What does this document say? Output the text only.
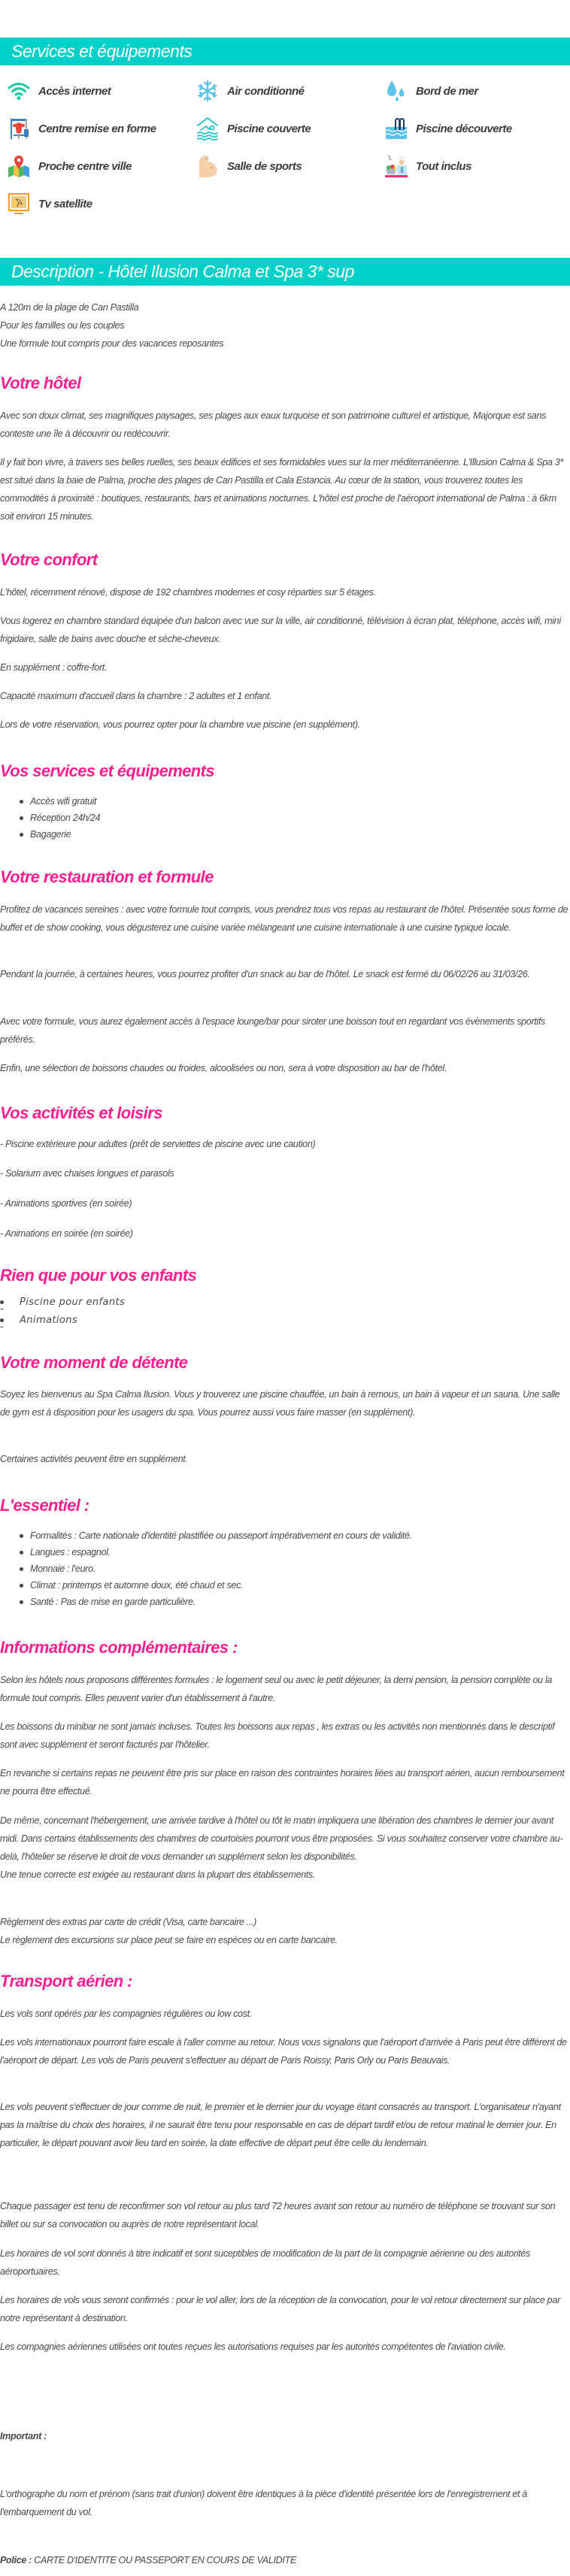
Services et équipements
Accès internet	Air conditionné	Bord de mer
Centre remise en forme	Piscine couverte	Piscine découverte
Proche centre ville	Salle de sports	Tout inclus
Tv satellite
Description - Hôtel Ilusion Calma et Spa 3* sup
A 120m de la plage de Can Pastilla
Pour les familles ou les couples
Une formule tout compris pour des vacances reposantes
Votre hôtel

Avec son doux climat, ses magnifiques paysages, ses plages aux eaux turquoise et son patrimoine culturel et artistique, Majorque est sans conteste une île à découvrir ou redécouvrir.

Il y fait bon vivre, à travers ses belles ruelles, ses beaux édifices et ses formidables vues sur la mer méditerranéenne. L'Illusion Calma & Spa 3* est situé dans la baie de Palma, proche des plages de Can Pastilla et Cala Estancia. Au cœur de la station, vous trouverez toutes les commodités à proximité : boutiques, restaurants, bars et animations nocturnes. L'hôtel est proche de l'aéroport international de Palma : à 6km soit environ 15 minutes.

Votre confort

L'hôtel, récemment rénové, dispose de 192 chambres modernes et cosy réparties sur 5 étages.

Vous logerez en chambre standard équipée d'un balcon avec vue sur la ville, air conditionné, télévision à écran plat, téléphone, accès wifi, mini frigidaire, salle de bains avec douche et sèche-cheveux.

En supplément : coffre-fort.

Capacité maximum d'accueil dans la chambre : 2 adultes et 1 enfant.

Lors de votre réservation, vous pourrez opter pour la chambre vue piscine (en supplément).

Vos services et équipements
Accès wifi gratuit
Réception 24h/24
Bagagerie
Votre restauration et formule

Profitez de vacances sereines : avec votre formule tout compris, vous prendrez tous vos repas au restaurant de l'hôtel. Présentée sous forme de buffet et de show cooking, vous dégusterez une cuisine variée mélangeant une cuisine internationale à une cuisine typique locale.

Pendant la journée, à certaines heures, vous pourrez profiter d'un snack au bar de l'hôtel. Le snack est fermé du 06/02/26 au 31/03/26.

Avec votre formule, vous aurez également accès à l'espace lounge/bar pour siroter une boisson tout en regardant vos évènements sportifs préférés.

Enfin, une sélection de boissons chaudes ou froides, alcoolisées ou non, sera à votre disposition au bar de l'hôtel.

Vos activités et loisirs

- Piscine extérieure pour adultes (prêt de serviettes de piscine avec une caution)

- Solarium avec chaises longues et parasols

- Animations sportives (en soirée)

- Animations en soirée (en soirée)

Rien que pour vos enfants
- Piscine pour enfants
- Animations
Votre moment de détente

Soyez les bienvenus au Spa Calma Ilusion. Vous y trouverez une piscine chauffée, un bain à remous, un bain à vapeur et un sauna. Une salle de gym est à disposition pour les usagers du spa. Vous pourrez aussi vous faire masser (en supplément).

Certaines activités peuvent être en supplément.

L'essentiel :
Formalités : Carte nationale d'identité plastifiée ou passeport impérativement en cours de validité.
Langues : espagnol.
Monnaie : l'euro.
Climat : printemps et automne doux, été chaud et sec.
Santé : Pas de mise en garde particulière.
Informations complémentaires :

Selon les hôtels nous proposons différentes formules : le logement seul ou avec le petit déjeuner, la demi pension, la pension complète ou la formule tout compris. Elles peuvent varier d'un établissement à l'autre.

Les boissons du minibar ne sont jamais incluses. Toutes les boissons aux repas , les extras ou les activités non mentionnés dans le descriptif sont avec supplément et seront facturés par l'hôtelier.

En revanche si certains repas ne peuvent être pris sur place en raison des contraintes horaires liées au transport aérien, aucun remboursement ne pourra être effectué.

De même, concernant l'hébergement, une arrivée tardive à l'hôtel ou tôt le matin impliquera une libération des chambres le dernier jour avant midi. Dans certains établissements des chambres de courtoisies pourront vous être proposées. Si vous souhaitez conserver votre chambre au-delà, l'hôtelier se réserve le droit de vous demander un supplément selon les disponibilités.
Une tenue correcte est exigée au restaurant dans la plupart des établissements.
Règlement des extras par carte de crédit (Visa, carte bancaire ...)
Le règlement des excursions sur place peut se faire en espèces ou en carte bancaire.
Transport aérien :

Les vols sont opérés par les compagnies régulières ou low cost.

Les vols internationaux pourront faire escale à l'aller comme au retour. Nous vous signalons que l'aéroport d'arrivée à Paris peut être différent de l'aéroport de départ. Les vols de Paris peuvent s'effectuer au départ de Paris Roissy, Paris Orly ou Paris Beauvais.

Les vols peuvent s'effectuer de jour comme de nuit, le premier et le dernier jour du voyage étant consacrés au transport. L'organisateur n'ayant pas la maîtrise du choix des horaires, il ne saurait être tenu pour responsable en cas de départ tardif et/ou de retour matinal le dernier jour. En particulier, le départ pouvant avoir lieu tard en soirée, la date effective de départ peut être celle du lendemain.

Chaque passager est tenu de reconfirmer son vol retour au plus tard 72 heures avant son retour au numéro de téléphone se trouvant sur son billet ou sur sa convocation ou auprès de notre représentant local.

Les horaires de vol sont donnés à titre indicatif et sont suceptibles de modification de la part de la compagnie aérienne ou des autorités aéroportuaires.

Les horaires de vols vous seront confirmés : pour le vol aller, lors de la réception de la convocation, pour le vol retour directement sur place par notre représentant à destination.

Les compagnies aériennes utilisées ont toutes reçues les autorisations requises par les autorités compétentes de l'aviation civile.

Important :

L'orthographe du nom et prénom (sans trait d'union) doivent être identiques à la pièce d'identité présentée lors de l'enregistrement et à l'embarquement du vol.

Police : CARTE D'IDENTITE OU PASSEPORT EN COURS DE VALIDITE
